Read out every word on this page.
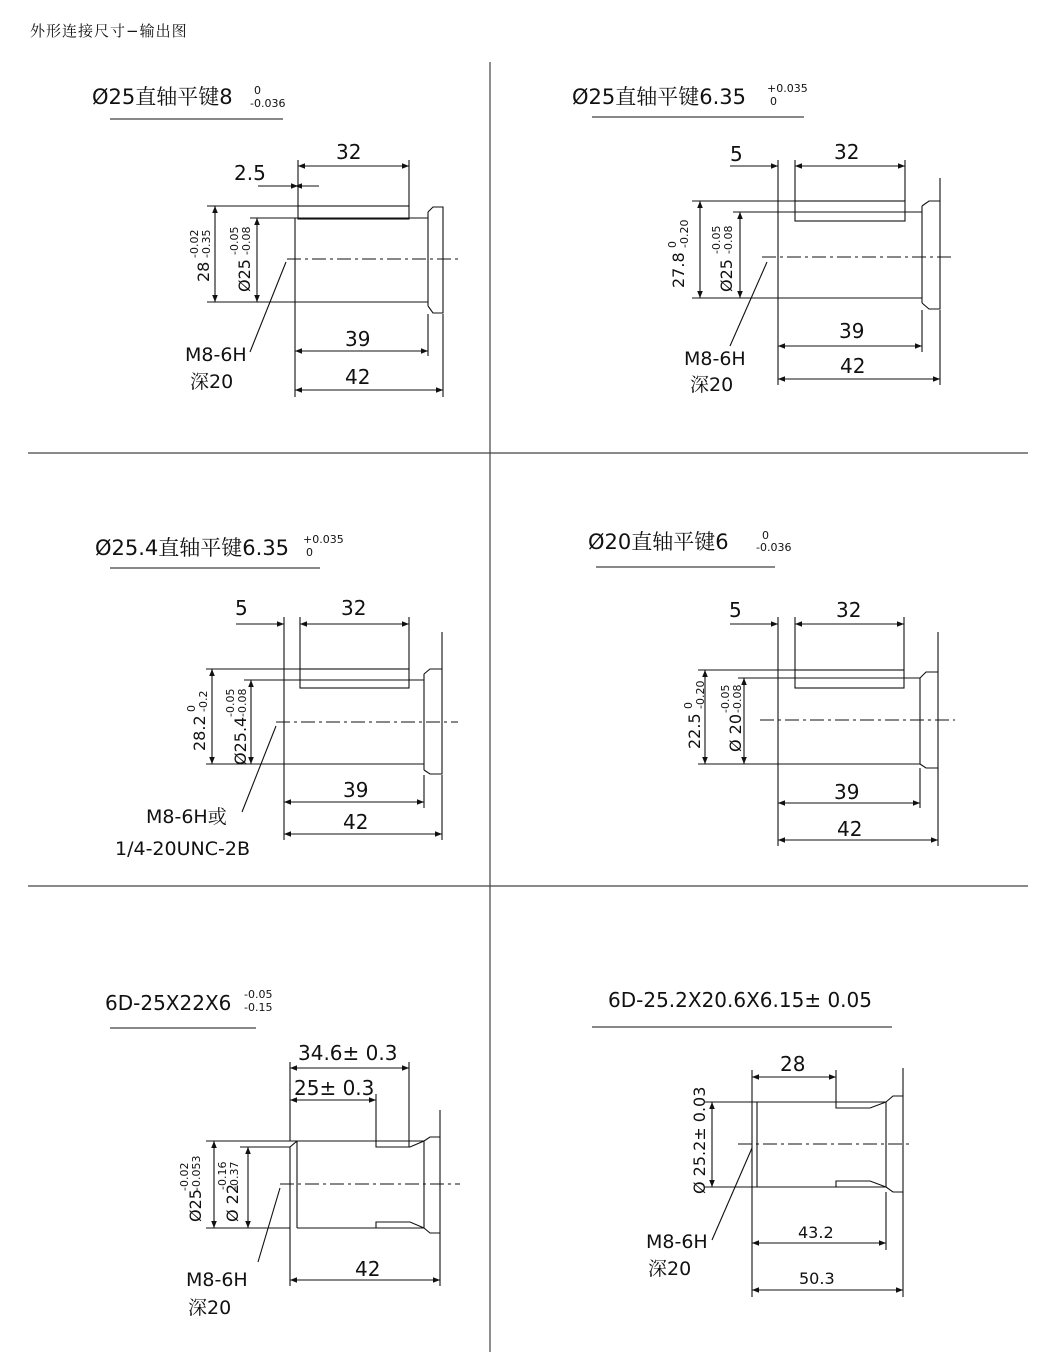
外形连接尺寸−输出图
Ø25直轴平键8 0
-0.036
32
2.5
39
42
28
-0.02 -0.35
Ø25
-0.05 -0.08
M8-6H
深20
Ø25直轴平键6.35 +0.035
0
32
5
39
42
27.8
0 -0.20
Ø25
-0.05 -0.08
M8-6H
深20
Ø25.4直轴平键6.35 +0.035
0
32
5
39
42
28.2
0 -0.2
Ø25.4
-0.05 -0.08
M8-6H或
1/4-20UNC-2B
Ø20直轴平键6	0
-0.036
32
5
39
42
22.5
0 -0.20
Ø 20
-0.05 -0.08
6D-25X22X6 -0.05
-0.15
34.6± 0.3
25± 0.3
42
Ø25
-0.02 -0.053
Ø 22
-0.16 -0.37
M8-6H
深20
6D-25.2X20.6X6.15± 0.05
28
43.2
50.3
Ø 25.2± 0.03
M8-6H
深20
